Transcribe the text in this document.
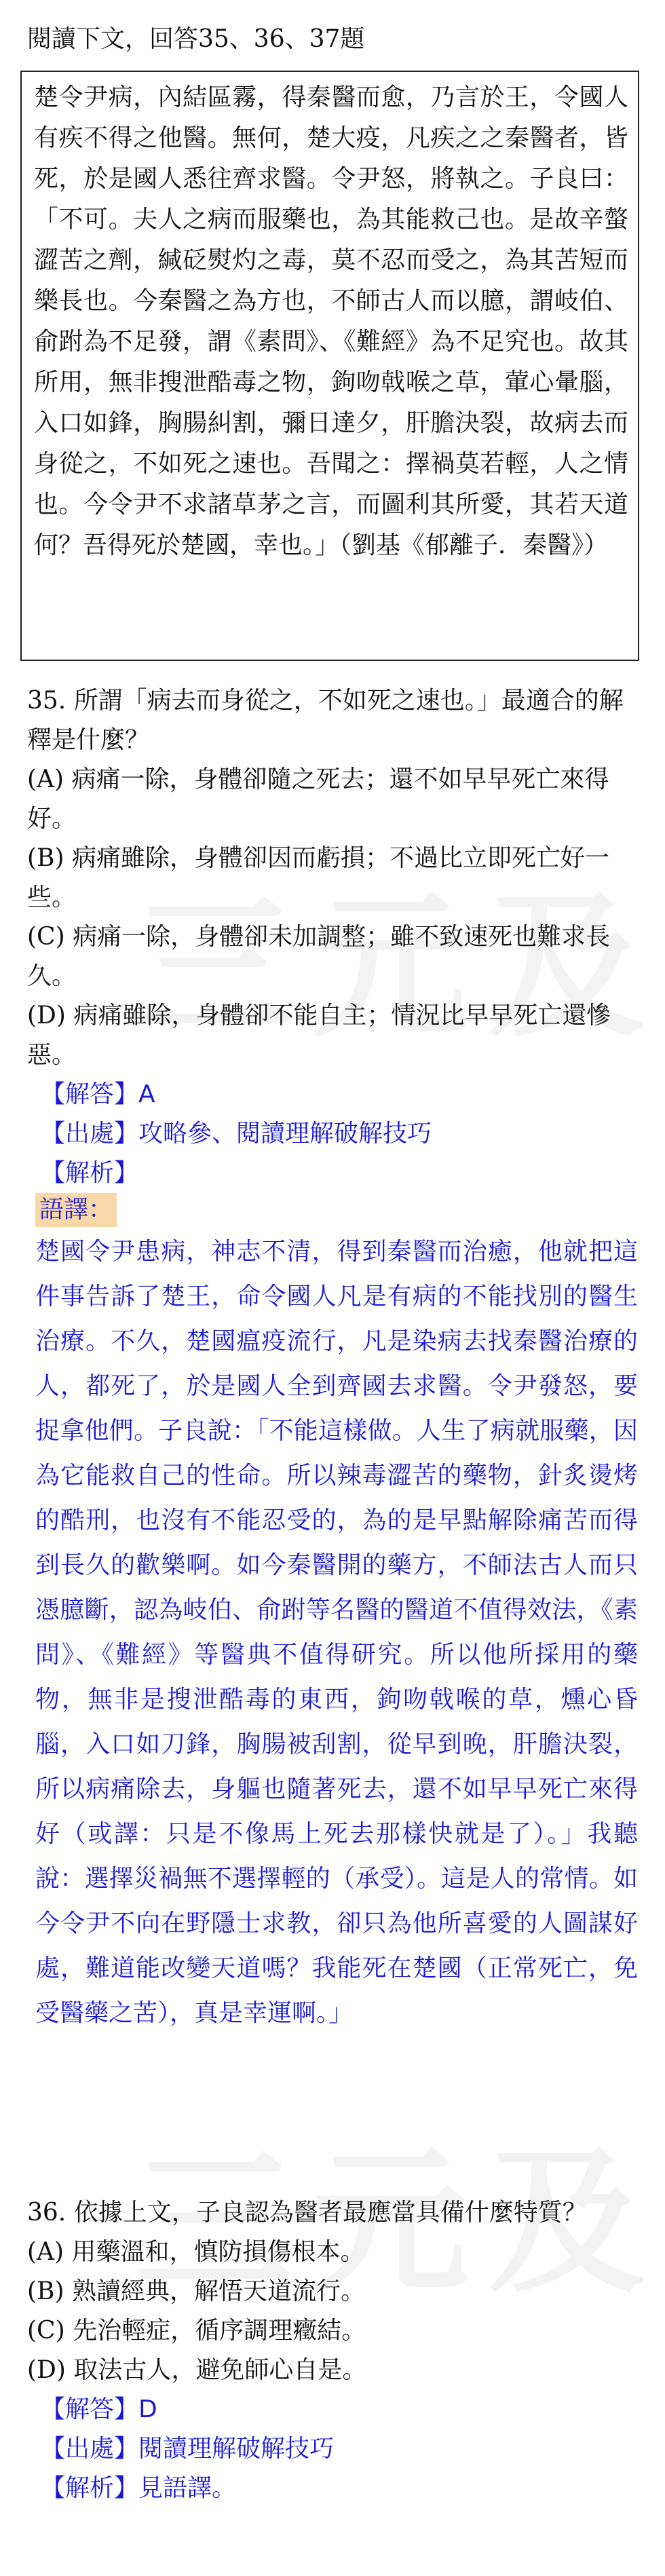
閱讀下文，回答35、36、37題

楚令尹病，內結區霧，得秦醫而愈，乃言於王，令國人有疾不得之他醫。無何，楚大疫，凡疾之之秦醫者，皆死，於是國人悉往齊求醫。令尹怒，將執之。子良曰：「不可。夫人之病而服藥也，為其能救己也。是故辛螫澀苦之劑，緘砭熨灼之毒，莫不忍而受之，為其苦短而樂長也。今秦醫之為方也，不師古人而以臆，謂岐伯、俞跗為不足發，謂《素問》、《難經》為不足究也。故其所用，無非搜泄酷毒之物，鉤吻戟喉之草，葷心暈腦，入口如鋒，胸腸糾割，彌日達夕，肝膽決裂，故病去而身從之，不如死之速也。吾聞之：擇禍莫若輕，人之情也。今令尹不求諸草茅之言，而圖利其所愛，其若天道何？吾得死於楚國，幸也。」（劉基《郁離子．秦醫》）

35. 所謂「病去而身從之，不如死之速也。」最適合的解釋是什麼？

(A) 病痛一除，身體卻隨之死去；還不如早早死亡來得好。

(B) 病痛雖除，身體卻因而虧損；不過比立即死亡好一些。

(C) 病痛一除，身體卻未加調整；雖不致速死也難求長久。

(D) 病痛雖除，身體卻不能自主；情況比早早死亡還慘惡。

【解答】A

【出處】攻略參、閱讀理解破解技巧

【解析】

語譯：

楚國令尹患病，神志不清，得到秦醫而治癒，他就把這件事告訴了楚王，命令國人凡是有病的不能找別的醫生治療。不久，楚國瘟疫流行，凡是染病去找秦醫治療的人，都死了，於是國人全到齊國去求醫。令尹發怒，要捉拿他們。子良說：「不能這樣做。人生了病就服藥，因為它能救自己的性命。所以辣毒澀苦的藥物，針炙燙烤的酷刑，也沒有不能忍受的，為的是早點解除痛苦而得到長久的歡樂啊。如今秦醫開的藥方，不師法古人而只憑臆斷，認為岐伯、俞跗等名醫的醫道不值得效法，《素問》、《難經》等醫典不值得研究。所以他所採用的藥物，無非是搜泄酷毒的東西，鉤吻戟喉的草，燻心昏腦，入口如刀鋒，胸腸被刮割，從早到晚，肝膽決裂，所以病痛除去，身軀也隨著死去，還不如早早死亡來得好（或譯：只是不像馬上死去那樣快就是了）。」我聽說：選擇災禍無不選擇輕的（承受）。這是人的常情。如今令尹不向在野隱士求教，卻只為他所喜愛的人圖謀好處，難道能改變天道嗎？我能死在楚國（正常死亡，免受醫藥之苦），真是幸運啊。」

36. 依據上文，子良認為醫者最應當具備什麼特質？

(A) 用藥溫和，慎防損傷根本。

(B) 熟讀經典，解悟天道流行。

(C) 先治輕症，循序調理癥結。

(D) 取法古人，避免師心自是。

【解答】D

【出處】閱讀理解破解技巧

【解析】見語譯。
